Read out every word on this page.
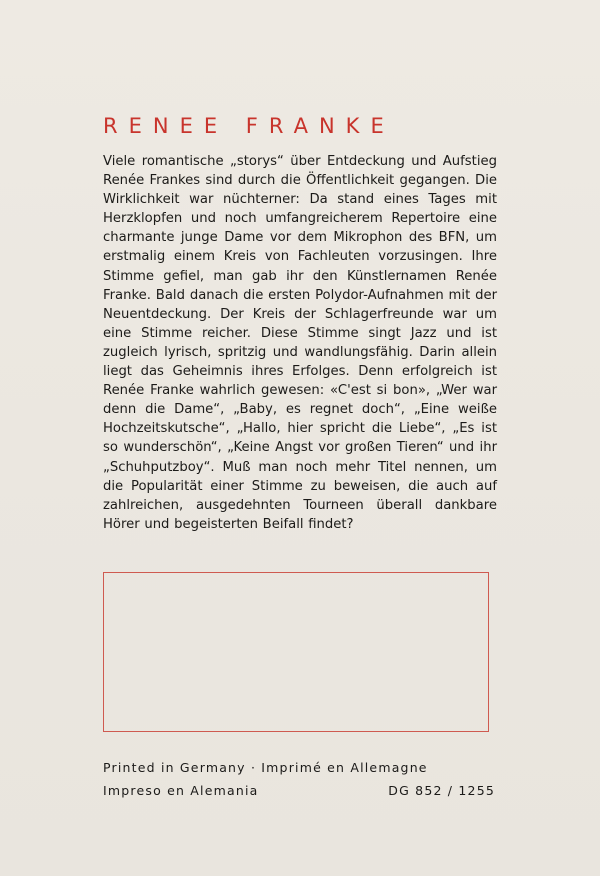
RENEE FRANKE

Viele romantische „storys“ über Entdeckung und Aufstieg Renée Frankes sind durch die Öffentlichkeit gegangen. Die Wirklichkeit war nüchterner: Da stand eines Tages mit Herzklopfen und noch umfangreicherem Repertoire eine charmante junge Dame vor dem Mikrophon des BFN, um erstmalig einem Kreis von Fachleuten vorzusingen. Ihre Stimme gefiel, man gab ihr den Künstlernamen Renée Franke. Bald danach die ersten Polydor-Aufnahmen mit der Neuentdeckung. Der Kreis der Schlagerfreunde war um eine Stimme reicher. Diese Stimme singt Jazz und ist zugleich lyrisch, spritzig und wandlungsfähig. Darin allein liegt das Geheimnis ihres Erfolges. Denn erfolgreich ist Renée Franke wahrlich gewesen: «C'est si bon», „Wer war denn die Dame“, „Baby, es regnet doch“, „Eine weiße Hochzeitskutsche“, „Hallo, hier spricht die Liebe“, „Es ist so wunderschön“, „Keine Angst vor großen Tieren“ und ihr „Schuhputzboy“. Muß man noch mehr Titel nennen, um die Popularität einer Stimme zu beweisen, die auch auf zahlreichen, ausgedehnten Tourneen überall dankbare Hörer und begeisterten Beifall findet?

Printed in Germany · Imprimé en Allemagne
Impreso en Alemania	DG 852 / 1255
